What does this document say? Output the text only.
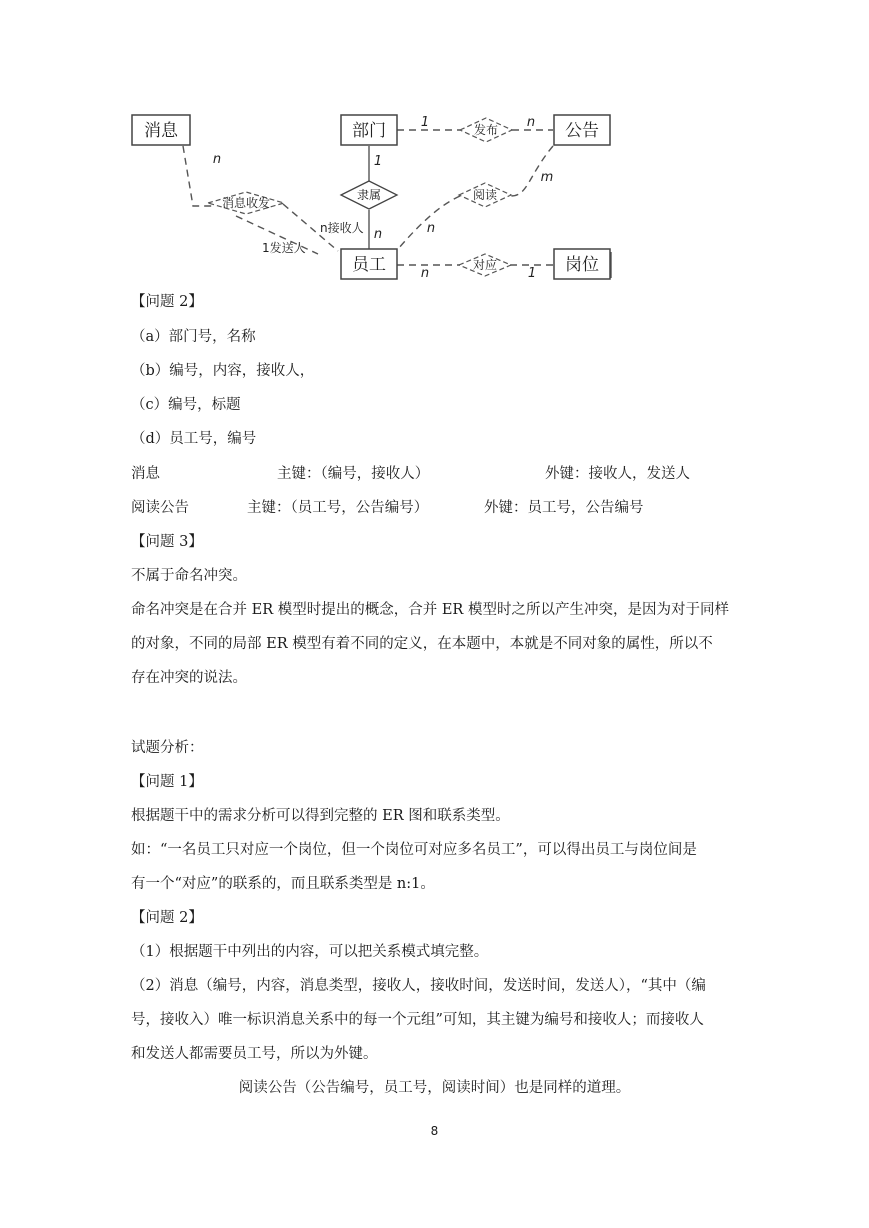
消息	部门	公告
员工	岗位
发布
隶属	阅读
消息收发
对应
1	n
1
n
n
n
m
n接收人
1发送人
n	1
【问题 2】
（a）部门号，名称
（b）编号，内容，接收人，
（c）编号，标题
（d）员工号，编号
消息	主键：（编号，接收人）	外键：接收人，发送人
阅读公告	主键：（员工号，公告编号）	外键：员工号，公告编号
【问题 3】
不属于命名冲突。
命名冲突是在合并 ER 模型时提出的概念，合并 ER 模型时之所以产生冲突，是因为对于同样
的对象，不同的局部 ER 模型有着不同的定义，在本题中，本就是不同对象的属性，所以不
存在冲突的说法。
试题分析：
【问题 1】
根据题干中的需求分析可以得到完整的 ER 图和联系类型。
如：“一名员工只对应一个岗位，但一个岗位可对应多名员工”，可以得出员工与岗位间是
有一个“对应”的联系的，而且联系类型是 n:1。
【问题 2】
（1）根据题干中列出的内容，可以把关系模式填完整。
（2）消息（编号，内容，消息类型，接收人，接收时间，发送时间，发送人），“其中（编
号，接收入）唯一标识消息关系中的每一个元组”可知，其主键为编号和接收人；而接收人
和发送人都需要员工号，所以为外键。
阅读公告（公告编号，员工号，阅读时间）也是同样的道理。
8
